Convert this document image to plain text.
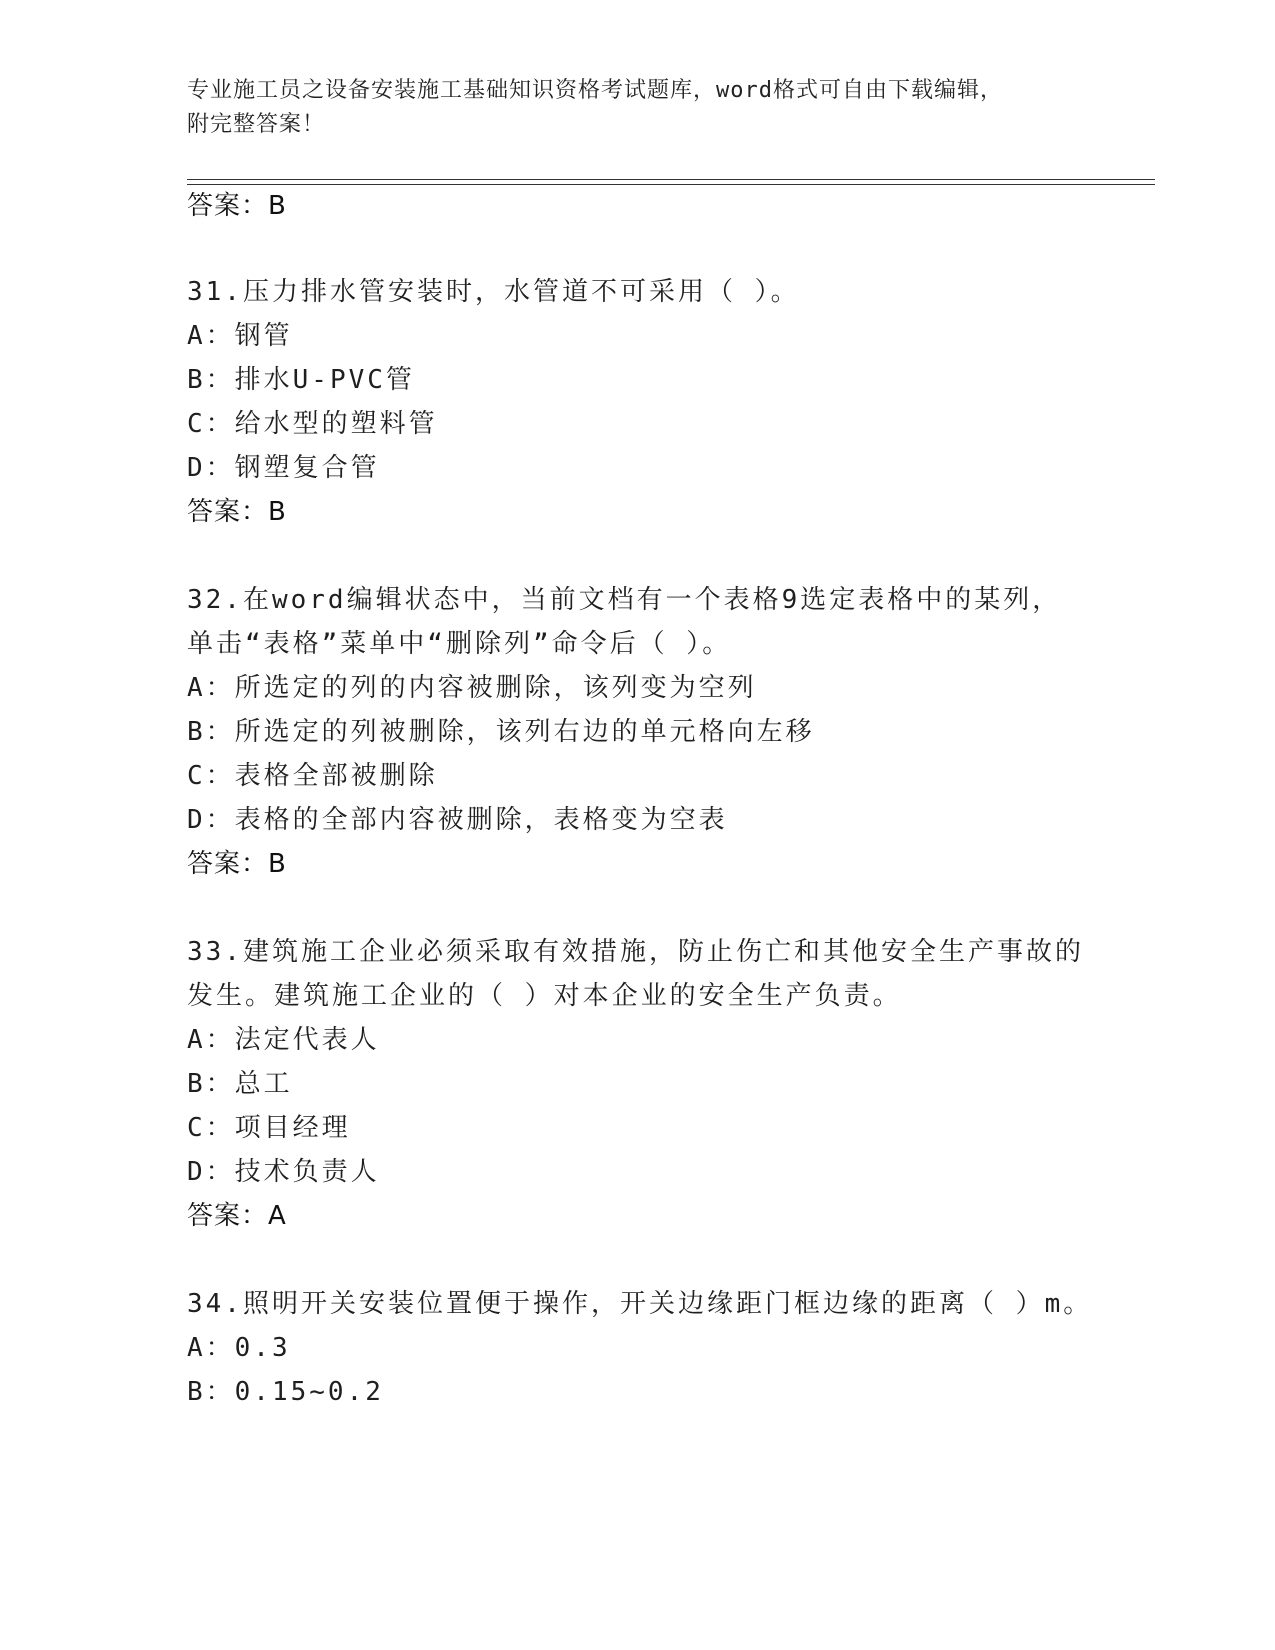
专业施工员之设备安装施工基础知识资格考试题库，word格式可自由下载编辑，
附完整答案！
答案：B
31.压力排水管安装时，水管道不可采用（ ）。
A：钢管
B：排水U-PVC管
C：给水型的塑料管
D：钢塑复合管
答案：B
32.在word编辑状态中，当前文档有一个表格9选定表格中的某列，
单击“表格”菜单中“删除列”命令后（ ）。
A：所选定的列的内容被删除，该列变为空列
B：所选定的列被删除，该列右边的单元格向左移
C：表格全部被删除
D：表格的全部内容被删除，表格变为空表
答案：B
33.建筑施工企业必须采取有效措施，防止伤亡和其他安全生产事故的
发生。建筑施工企业的（ ）对本企业的安全生产负责。
A：法定代表人
B：总工
C：项目经理
D：技术负责人
答案：A
34.照明开关安装位置便于操作，开关边缘距门框边缘的距离（ ）m。
A：0.3
B：0.15~0.2
